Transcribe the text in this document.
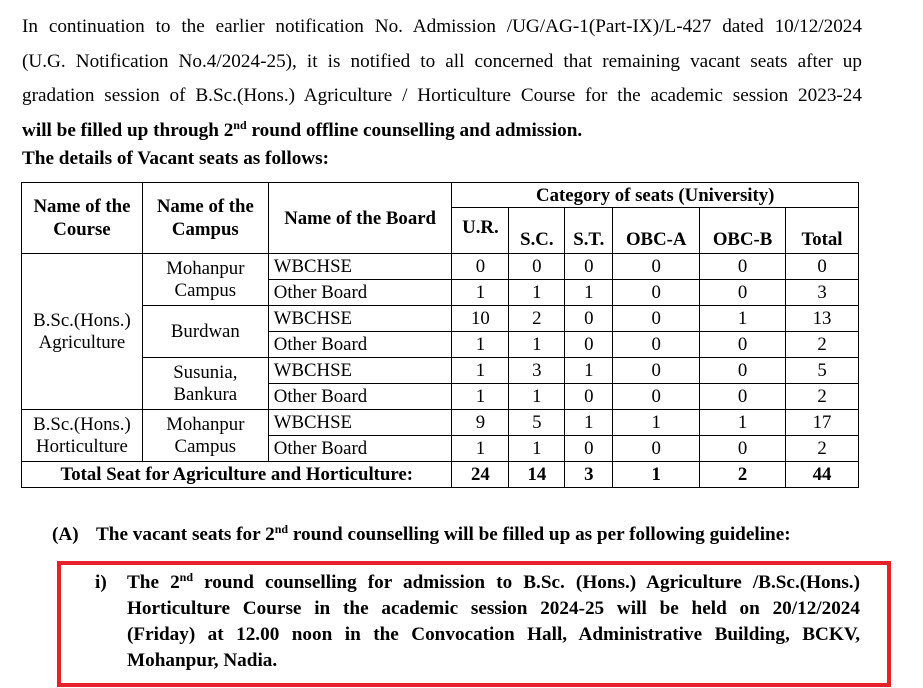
In continuation to the earlier notification No. Admission /UG/AG-1(Part-IX)/L-427 dated 10/12/2024
(U.G. Notification No.4/2024-25), it is notified to all concerned that remaining vacant seats after up
gradation session of B.Sc.(Hons.) Agriculture / Horticulture Course for the academic session 2023-24
will be filled up through 2nd round offline counselling and admission.
The details of Vacant seats as follows:
Name of the Course	Name of the Campus	Name of the Board	Category of seats (University)					
			U.R.	S.C.	S.T.	OBC-A	OBC-B	Total
B.Sc.(Hons.) Agriculture	Mohanpur Campus	WBCHSE	0	0	0	0	0	0
		Other Board	1	1	1	0	0	3
	Burdwan	WBCHSE	10	2	0	0	1	13
		Other Board	1	1	0	0	0	2
	Susunia, Bankura	WBCHSE	1	3	1	0	0	5
		Other Board	1	1	0	0	0	2
B.Sc.(Hons.) Horticulture	Mohanpur Campus	WBCHSE	9	5	1	1	1	17
		Other Board	1	1	0	0	0	2
Total Seat for Agriculture and Horticulture:			24	14	3	1	2	44
(A) The vacant seats for 2nd round counselling will be filled up as per following guideline:
i) The 2nd round counselling for admission to B.Sc. (Hons.) Agriculture /B.Sc.(Hons.)
Horticulture Course in the academic session 2024-25 will be held on 20/12/2024
(Friday) at 12.00 noon in the Convocation Hall, Administrative Building, BCKV,
Mohanpur, Nadia.
